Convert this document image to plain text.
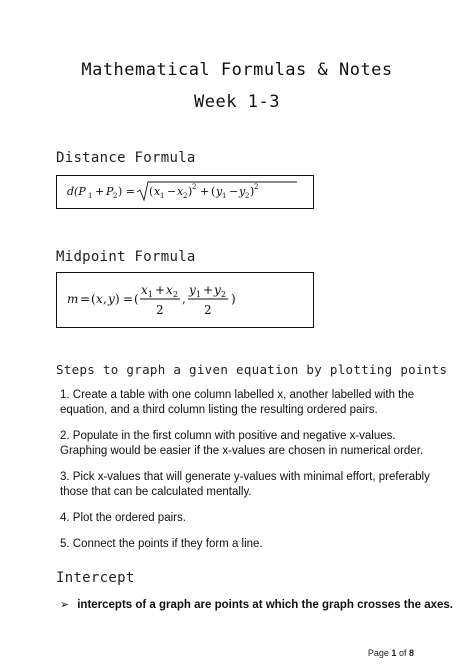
Mathematical Formulas & Notes
Week 1-3
Distance Formula
d(P 1 + P 2 ) = ( x 1 − x 2 ) 2 + ( y 1 − y 2 ) 2
Midpoint Formula
m = ( x , y ) = (
x 1 + x 2
2
,
y 1 + y 2
2
)
Steps to graph a given equation by plotting points

1. Create a table with one column labelled x, another labelled with the equation, and a third column listing the resulting ordered pairs.

2. Populate in the first column with positive and negative x-values. Graphing would be easier if the x-values are chosen in numerical order.

3. Pick x-values that will generate y-values with minimal effort, preferably those that can be calculated mentally.

4. Plot the ordered pairs.

5. Connect the points if they form a line.

Intercept
➢ intercepts of a graph are points at which the graph crosses the axes.
Page 1 of 8
